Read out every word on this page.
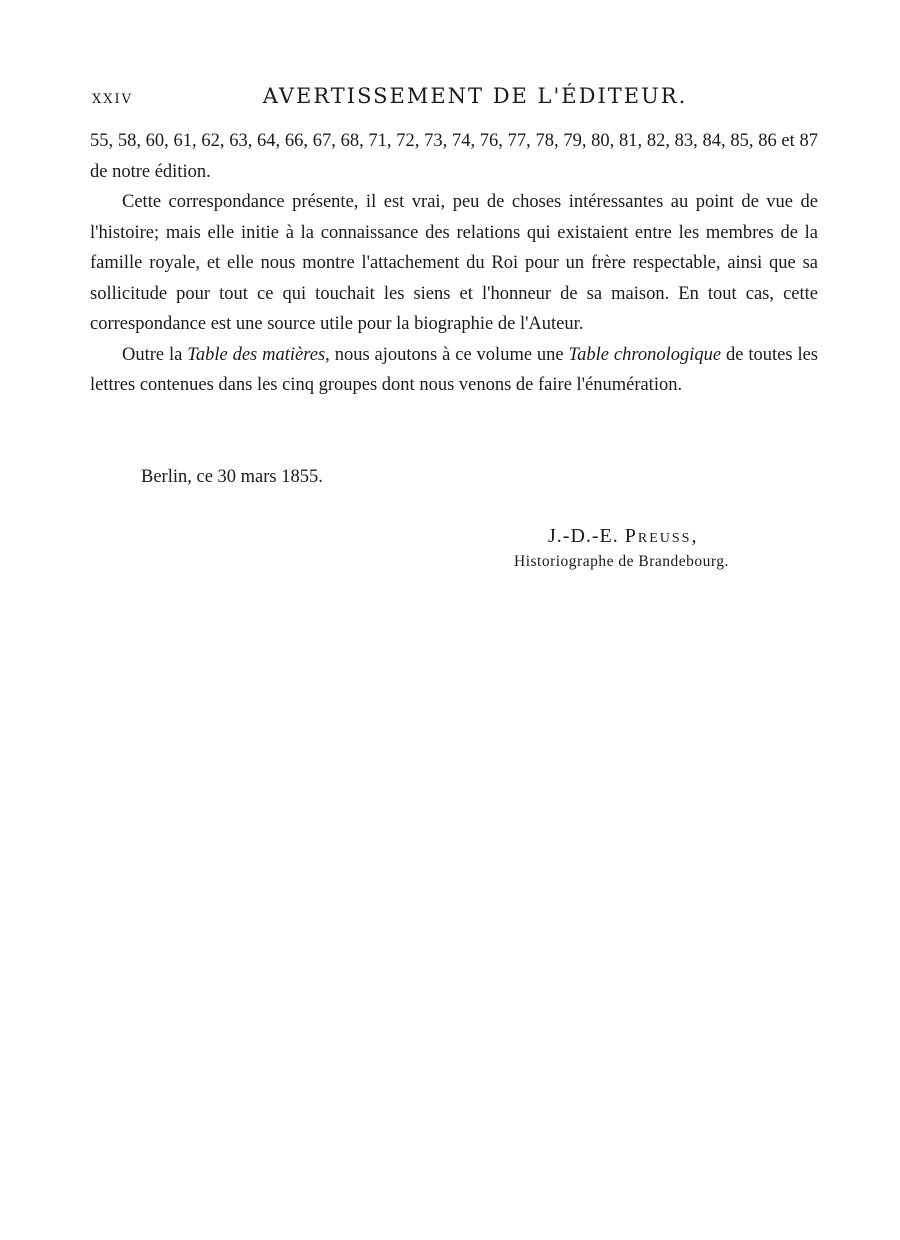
XXIV	AVERTISSEMENT DE L'ÉDITEUR.

55, 58, 60, 61, 62, 63, 64, 66, 67, 68, 71, 72, 73, 74, 76, 77, 78, 79, 80, 81, 82, 83, 84, 85, 86 et 87 de notre édition.

Cette correspondance présente, il est vrai, peu de choses intéressantes au point de vue de l'histoire; mais elle initie à la connaissance des relations qui existaient entre les membres de la famille royale, et elle nous montre l'attachement du Roi pour un frère respectable, ainsi que sa sollicitude pour tout ce qui touchait les siens et l'honneur de sa maison. En tout cas, cette correspondance est une source utile pour la biographie de l'Auteur.

Outre la Table des matières, nous ajoutons à ce volume une Table chronologique de toutes les lettres contenues dans les cinq groupes dont nous venons de faire l'énumération.

Berlin, ce 30 mars 1855.
J.-D.-E. Preuss,
Historiographe de Brandebourg.
